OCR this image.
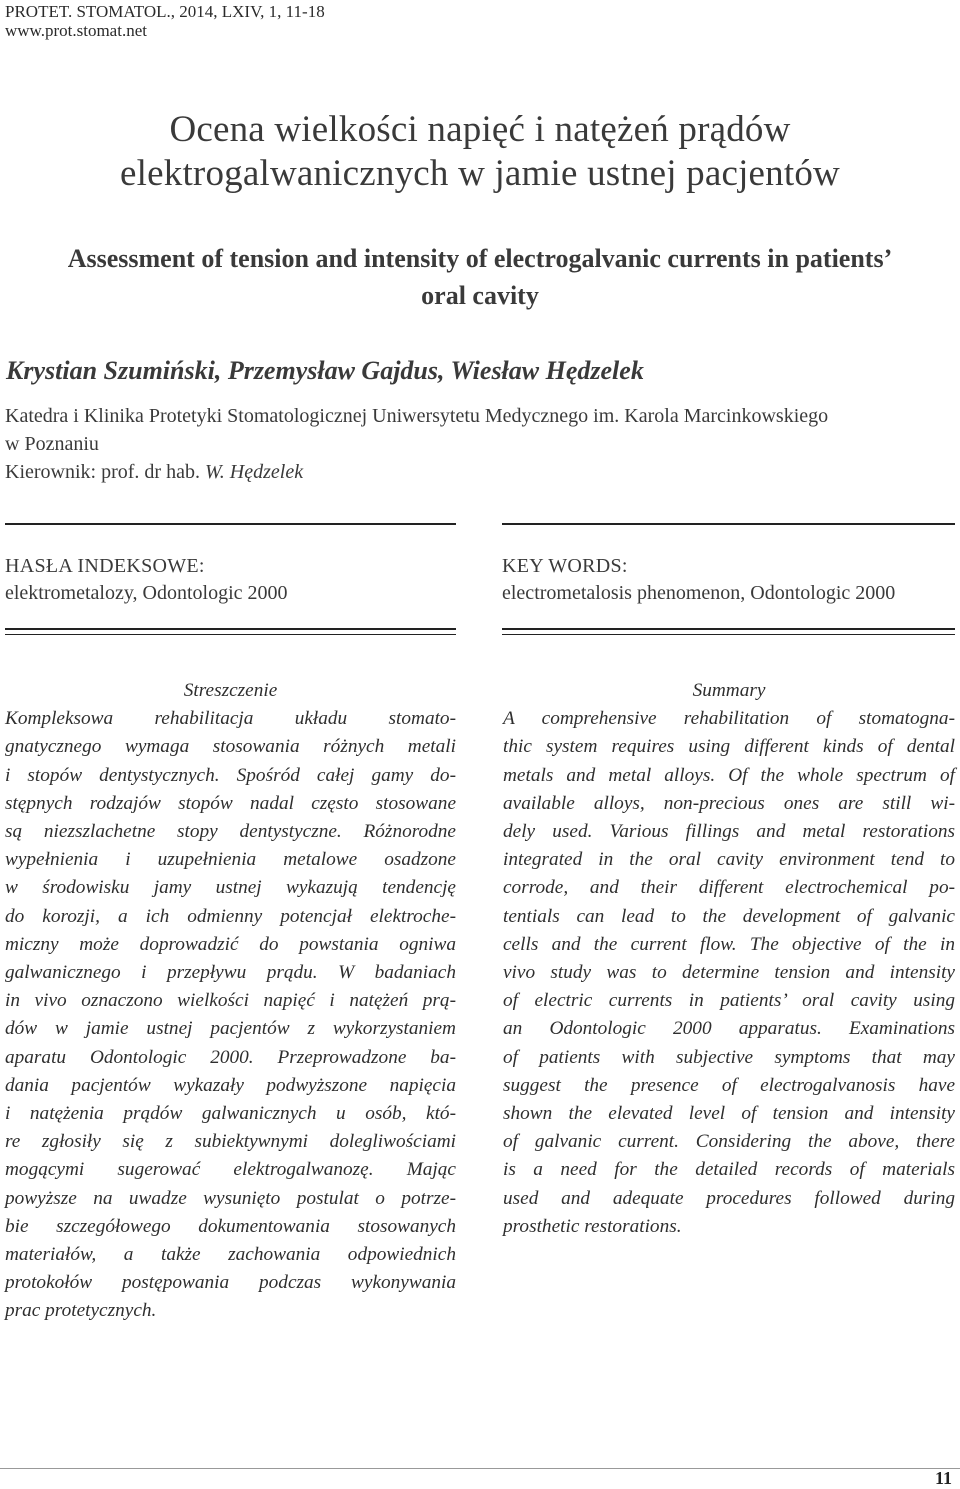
PROTET. STOMATOL., 2014, LXIV, 1, 11-18
www.prot.stomat.net
Ocena wielkości napięć i natężeń prądów
elektrogalwanicznych w jamie ustnej pacjentów
Assessment of tension and intensity of electrogalvanic currents in patients’
oral cavity
Krystian Szumiński, Przemysław Gajdus, Wiesław Hędzelek
Katedra i Klinika Protetyki Stomatologicznej Uniwersytetu Medycznego im. Karola Marcinkowskiego
w Poznaniu
Kierownik: prof. dr hab. W. Hędzelek
HASŁA INDEKSOWE:
elektrometalozy, Odontologic 2000
KEY WORDS:
electrometalosis phenomenon, Odontologic 2000
Streszczenie
Kompleksowa rehabilitacja układu stomato-
gnatycznego wymaga stosowania różnych metali
i stopów dentystycznych. Spośród całej gamy do-
stępnych rodzajów stopów nadal często stosowane
są niezszlachetne stopy dentystyczne. Różnorodne
wypełnienia i uzupełnienia metalowe osadzone
w środowisku jamy ustnej wykazują tendencję
do korozji, a ich odmienny potencjał elektroche-
miczny może doprowadzić do powstania ogniwa
galwanicznego i przepływu prądu. W badaniach
in vivo oznaczono wielkości napięć i natężeń prą-
dów w jamie ustnej pacjentów z wykorzystaniem
aparatu Odontologic 2000. Przeprowadzone ba-
dania pacjentów wykazały podwyższone napięcia
i natężenia prądów galwanicznych u osób, któ-
re zgłosiły się z subiektywnymi dolegliwościami
mogącymi sugerować elektrogalwanozę. Mając
powyższe na uwadze wysunięto postulat o potrze-
bie szczegółowego dokumentowania stosowanych
materiałów, a także zachowania odpowiednich
protokołów postępowania podczas wykonywania
prac protetycznych.
Summary
A comprehensive rehabilitation of stomatogna-
thic system requires using different kinds of dental
metals and metal alloys. Of the whole spectrum of
available alloys, non-precious ones are still wi-
dely used. Various fillings and metal restorations
integrated in the oral cavity environment tend to
corrode, and their different electrochemical po-
tentials can lead to the development of galvanic
cells and the current flow. The objective of the in
vivo study was to determine tension and intensity
of electric currents in patients’ oral cavity using
an Odontologic 2000 apparatus. Examinations
of patients with subjective symptoms that may
suggest the presence of electrogalvanosis have
shown the elevated level of tension and intensity
of galvanic current. Considering the above, there
is a need for the detailed records of materials
used and adequate procedures followed during
prosthetic restorations.
11
